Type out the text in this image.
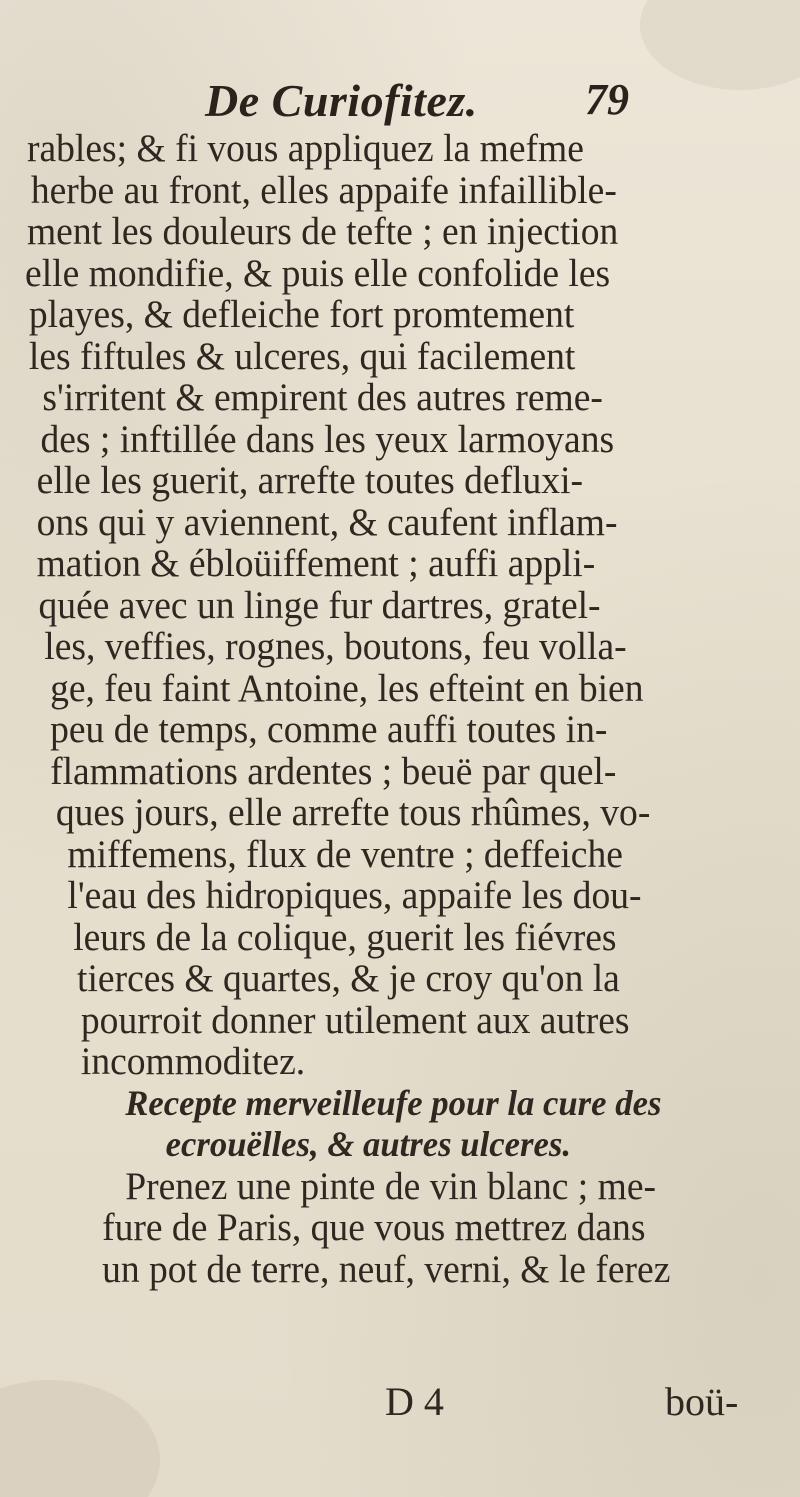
De Curiofitez. 79
rables; & fi vous appliquez la mefme
herbe au front, elles appaife infaillible-
ment les douleurs de tefte ; en injection
elle mondifie, & puis elle confolide les
playes, & defleiche fort promtement
les fiftules & ulceres, qui facilement
s'irritent & empirent des autres reme-
des ; inftillée dans les yeux larmoyans
elle les guerit, arrefte toutes defluxi-
ons qui y aviennent, & caufent inflam-
mation & ébloüiffement ; auffi appli-
quée avec un linge fur dartres, gratel-
les, veffies, rognes, boutons, feu volla-
ge, feu faint Antoine, les efteint en bien
peu de temps, comme auffi toutes in-
flammations ardentes ; beuë par quel-
ques jours, elle arrefte tous rhûmes, vo-
miffemens, flux de ventre ; deffeiche
l'eau des hidropiques, appaife les dou-
leurs de la colique, guerit les fiévres
tierces & quartes, & je croy qu'on la
pourroit donner utilement aux autres
incommoditez.
Recepte merveilleufe pour la cure des
ecrouëlles, & autres ulceres.
Prenez une pinte de vin blanc ; me-
fure de Paris, que vous mettrez dans
un pot de terre, neuf, verni, & le ferez
D 4	boü-
